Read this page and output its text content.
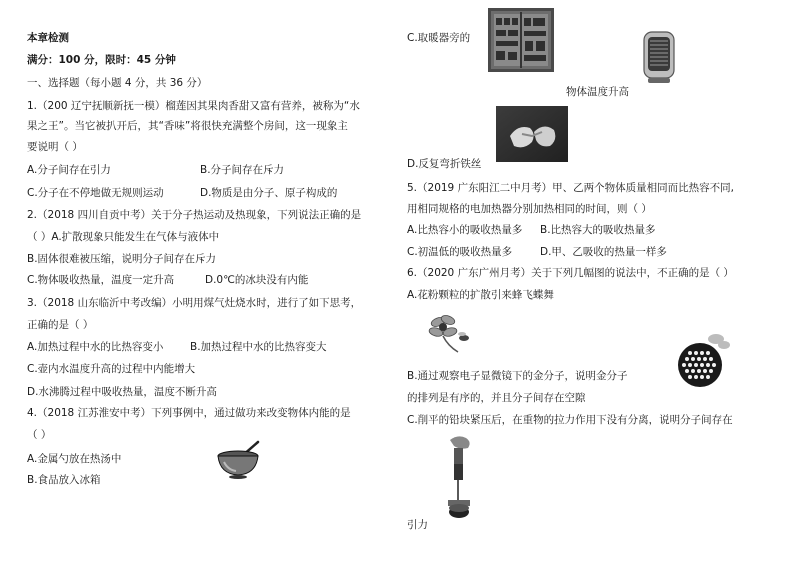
本章检测
满分：100 分，限时：45 分钟
一、选择题（每小题 4 分，共 36 分）
1.（200 辽宁抚顺新抚一模）榴莲因其果肉香甜又富有营养，被称为“水
果之王”。当它被扒开后，其“香味”将很快充满整个房间，这一现象主
要说明（ ）
A.分子间存在引力	B.分子间存在斥力
C.分子在不停地做无规则运动	D.物质是由分子、原子构成的
2.（2018 四川自贡中考）关于分子热运动及热现象，下列说法正确的是
（ ）A.扩散现象只能发生在气体与液体中
B.固体很难被压缩，说明分子间存在斥力
C.物体吸收热量，温度一定升高	D.0℃的冰块没有内能
3.（2018 山东临沂中考改编）小明用煤气灶烧水时，进行了如下思考，
正确的是（ ）
A.加热过程中水的比热容变小	B.加热过程中水的比热容变大
C.壶内水温度升高的过程中内能增大
D.水沸腾过程中吸收热量，温度不断升高
4.（2018 江苏淮安中考）下列事例中，通过做功来改变物体内能的是
（ ）
A.金属勺放在热汤中
B.食品放入冰箱
C.取暖器旁的
物体温度升高
D.反复弯折铁丝
5.（2019 广东阳江二中月考）甲、乙两个物体质量相同而比热容不同,
用相同规格的电加热器分别加热相同的时间，则（ ）
A.比热容小的吸收热量多 B.比热容大的吸收热量多
C.初温低的吸收热量多	D.甲、乙吸收的热量一样多
6.（2020 广东广州月考）关于下列几幅图的说法中，不正确的是（ ）
A.花粉颗粒的扩散引来蜂飞蝶舞
B.通过观察电子显微镜下的金分子，说明金分子
的排列是有序的，并且分子间存在空隙
C.削平的铅块紧压后，在重物的拉力作用下没有分离，说明分子间存在
引力
